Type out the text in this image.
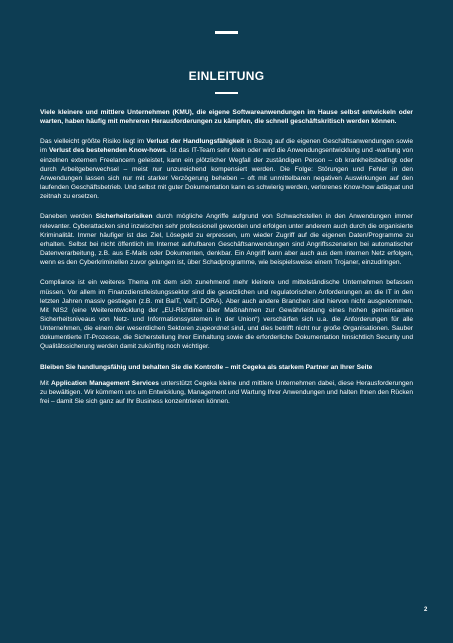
EINLEITUNG

Viele kleinere und mittlere Unternehmen (KMU), die eigene Softwareanwendungen im Hause selbst entwickeln oder warten, haben häufig mit mehreren Herausforderungen zu kämpfen, die schnell geschäftskritisch werden können.

Das vielleicht größte Risiko liegt im Verlust der Handlungsfähigkeit in Bezug auf die eigenen Geschäftsanwendungen sowie im Verlust des bestehenden Know-hows. Ist das IT-Team sehr klein oder wird die Anwendungsentwicklung und -wartung von einzelnen externen Freelancern geleistet, kann ein plötzlicher Wegfall der zuständigen Person – ob krankheitsbedingt oder durch Arbeitgeberwechsel – meist nur unzureichend kompensiert werden. Die Folge: Störungen und Fehler in den Anwendungen lassen sich nur mit starker Verzögerung beheben – oft mit unmittelbaren negativen Auswirkungen auf den laufenden Geschäftsbetrieb. Und selbst mit guter Dokumentation kann es schwierig werden, verlorenes Know-how adäquat und zeitnah zu ersetzen.

Daneben werden Sicherheitsrisiken durch mögliche Angriffe aufgrund von Schwachstellen in den Anwendungen immer relevanter. Cyberattacken sind inzwischen sehr professionell geworden und erfolgen unter anderem auch durch die organisierte Kriminalität. Immer häufiger ist das Ziel, Lösegeld zu erpressen, um wieder Zugriff auf die eigenen Daten/Programme zu erhalten. Selbst bei nicht öffentlich im Internet aufrufbaren Geschäftsanwendungen sind Angriffsszenarien bei automatischer Datenverarbeitung, z.B. aus E-Mails oder Dokumenten, denkbar. Ein Angriff kann aber auch aus dem internen Netz erfolgen, wenn es den Cyberkriminellen zuvor gelungen ist, über Schadprogramme, wie beispielsweise einem Trojaner, einzudringen.

Compliance ist ein weiteres Thema mit dem sich zunehmend mehr kleinere und mittelständische Unternehmen befassen müssen. Vor allem im Finanzdienstleistungssektor sind die gesetzlichen und regulatorischen Anforderungen an die IT in den letzten Jahren massiv gestiegen (z.B. mit BaIT, VaIT, DORA). Aber auch andere Branchen sind hiervon nicht ausgenommen. Mit NIS2 (eine Weiterentwicklung der „EU-Richtlinie über Maßnahmen zur Gewährleistung eines hohen gemeinsamen Sicherheitsniveaus von Netz- und Informationssystemen in der Union“) verschärfen sich u.a. die Anforderungen für alle Unternehmen, die einem der wesentlichen Sektoren zugeordnet sind, und dies betrifft nicht nur große Organisationen. Sauber dokumentierte IT-Prozesse, die Sicherstellung ihrer Einhaltung sowie die erforderliche Dokumentation hinsichtlich Security und Qualitätssicherung werden damit zukünftig noch wichtiger.

Bleiben Sie handlungsfähig und behalten Sie die Kontrolle – mit Cegeka als starkem Partner an Ihrer Seite

Mit Application Management Services unterstützt Cegeka kleine und mittlere Unternehmen dabei, diese Herausforderungen zu bewältigen. Wir kümmern uns um Entwicklung, Management und Wartung Ihrer Anwendungen und halten Ihnen den Rücken frei – damit Sie sich ganz auf Ihr Business konzentrieren können.

2
